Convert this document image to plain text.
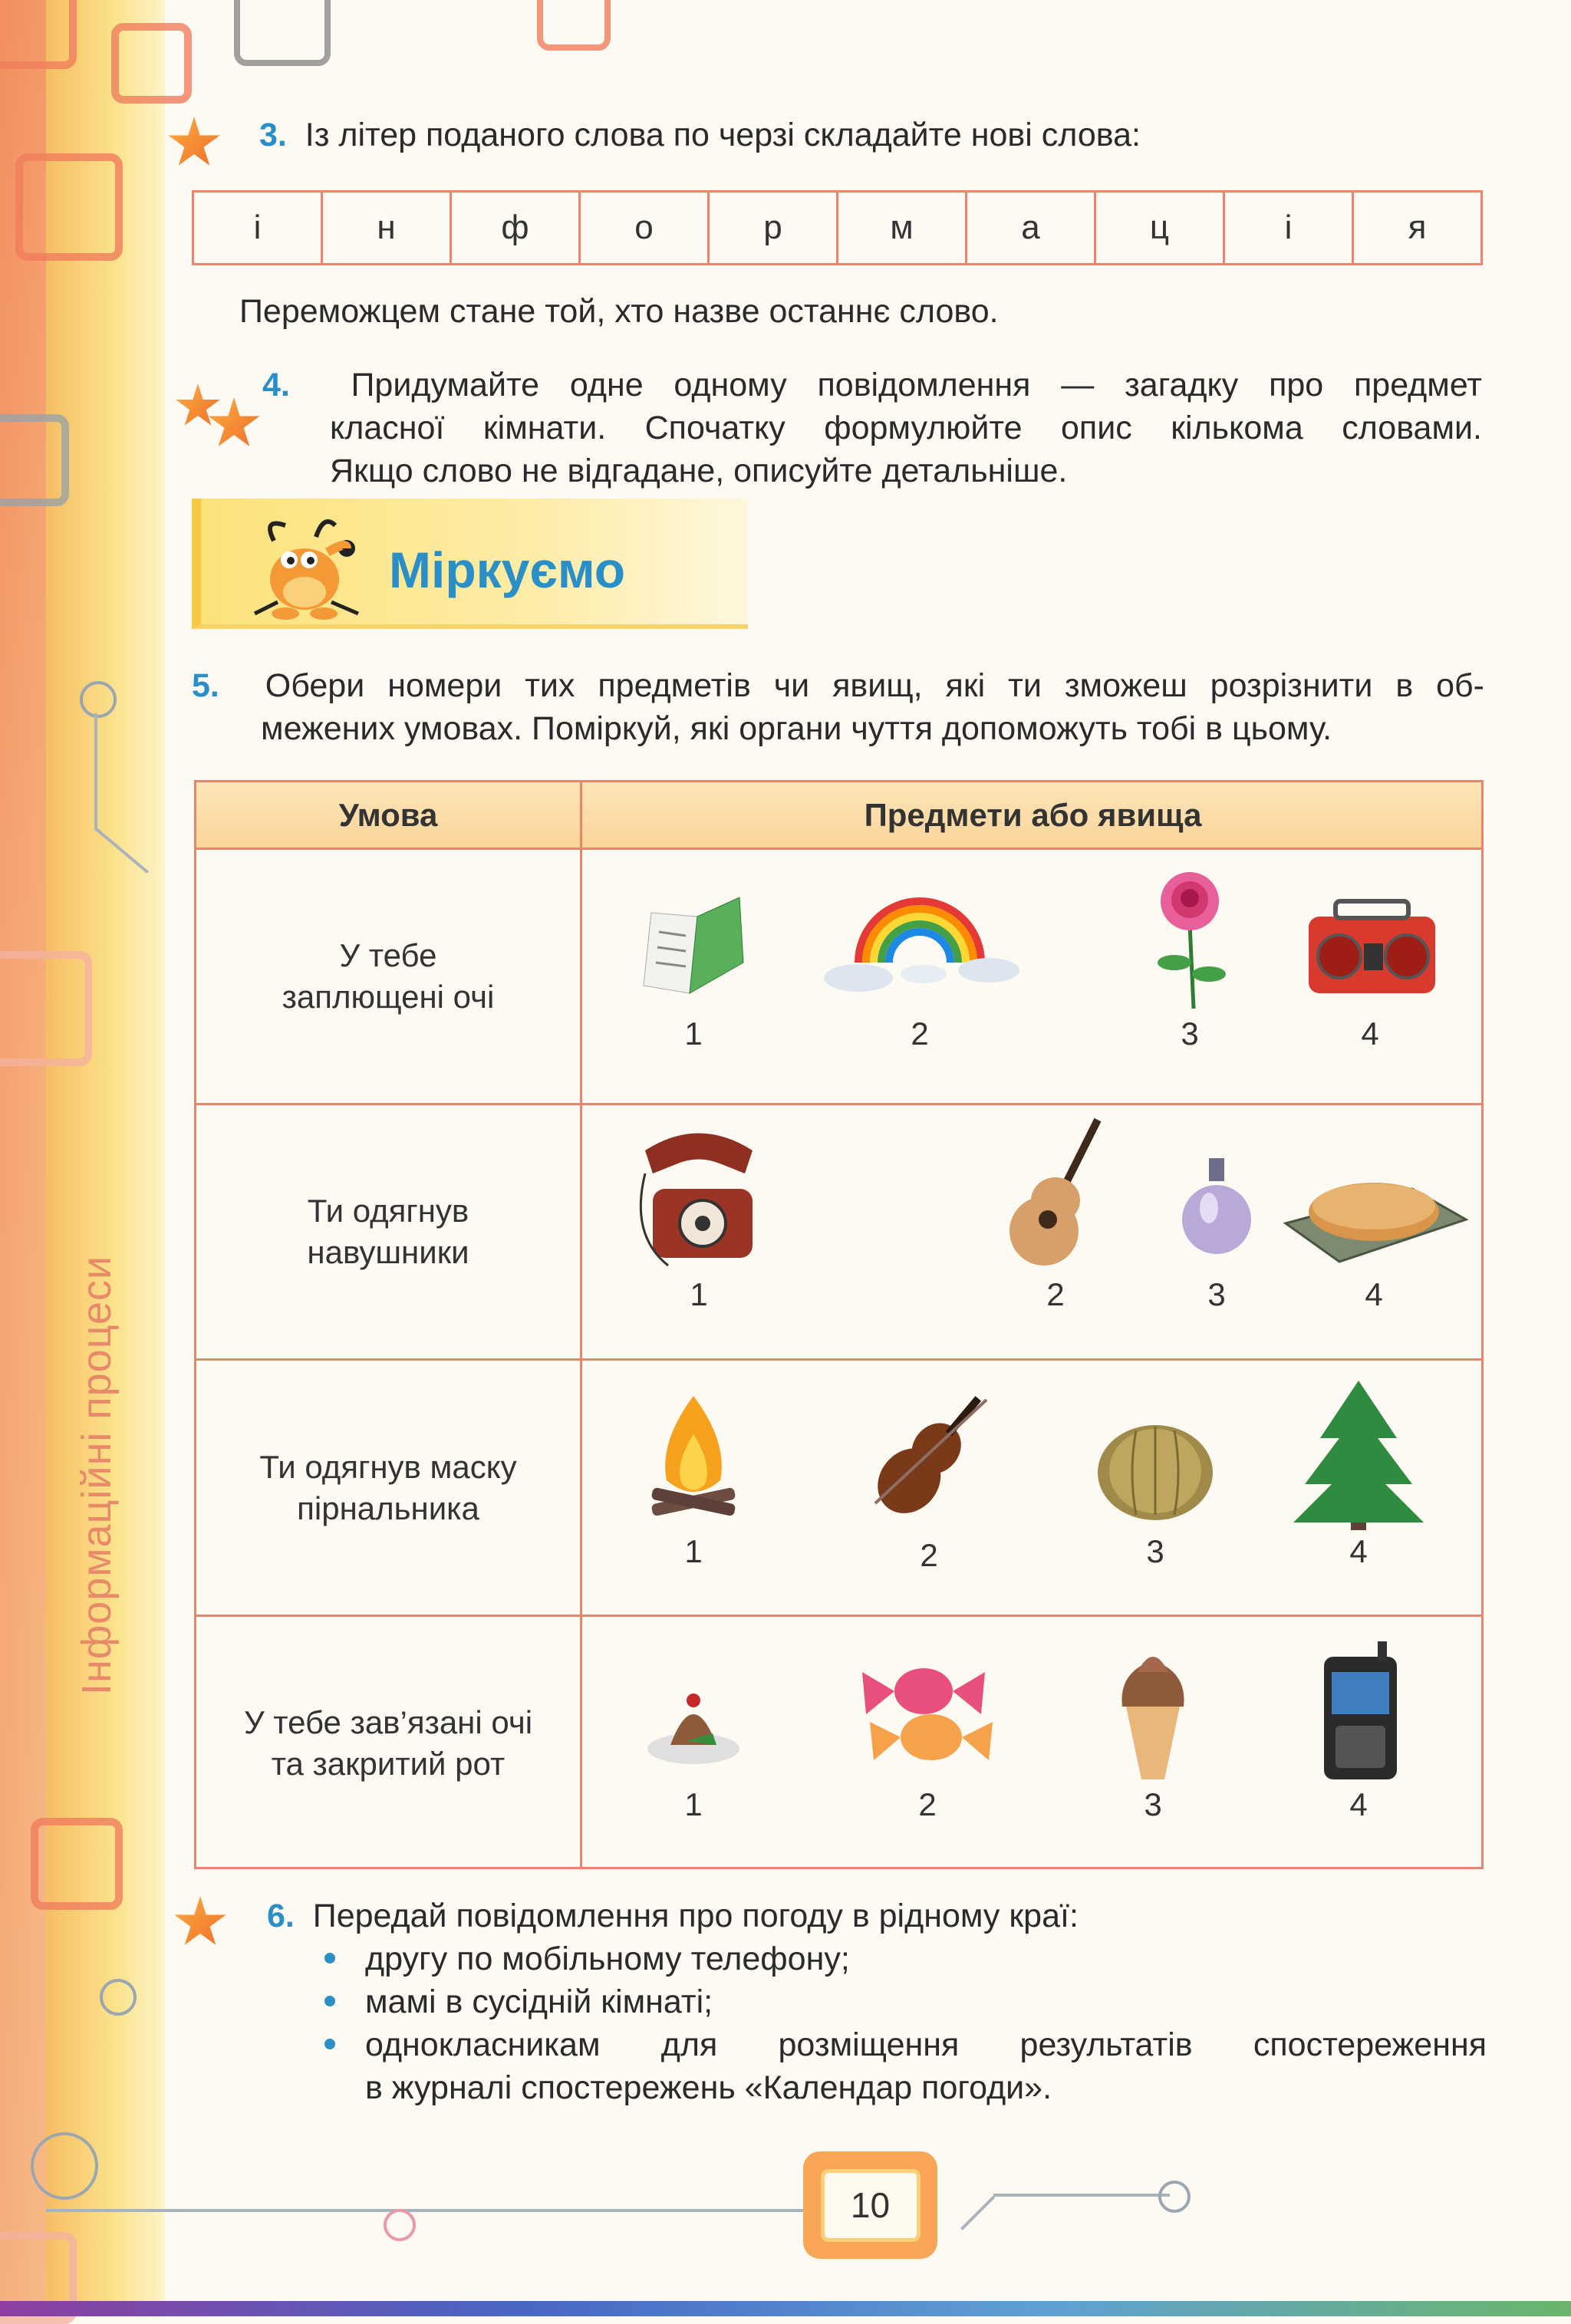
Інформаційні процеси
3. Із літер поданого слова по черзі складайте нові слова:
і	н	ф	о	р	м	а	ц	і	я
Переможцем стане той, хто назве останнє слово.
4. Придумайте одне одному повідомлення — загадку про предмет
класної кімнати. Спочатку формулюйте опис кількома словами.
Якщо слово не відгадане, описуйте детальніше.
Міркуємо
5. Обери номери тих предметів чи явищ, які ти зможеш розрізнити в об-
межених умовах. Поміркуй, які органи чуття допоможуть тобі в цьому.
Умова	Предмети або явища
У тебе
заплющені очі
1	2	3	4
Ти одягнув
навушники
1	2	3	4
Ти одягнув маску
пірнальника
1	2	3	4
У тебе зав’язані очі
та закритий рот
1	2	3	4
6. Передай повідомлення про погоду в рідному краї:
другу по мобільному телефону;
мамі в сусідній кімнаті;
однокласникам для розміщення результатів спостереження
в журналі спостережень «Календар погоди».
10
